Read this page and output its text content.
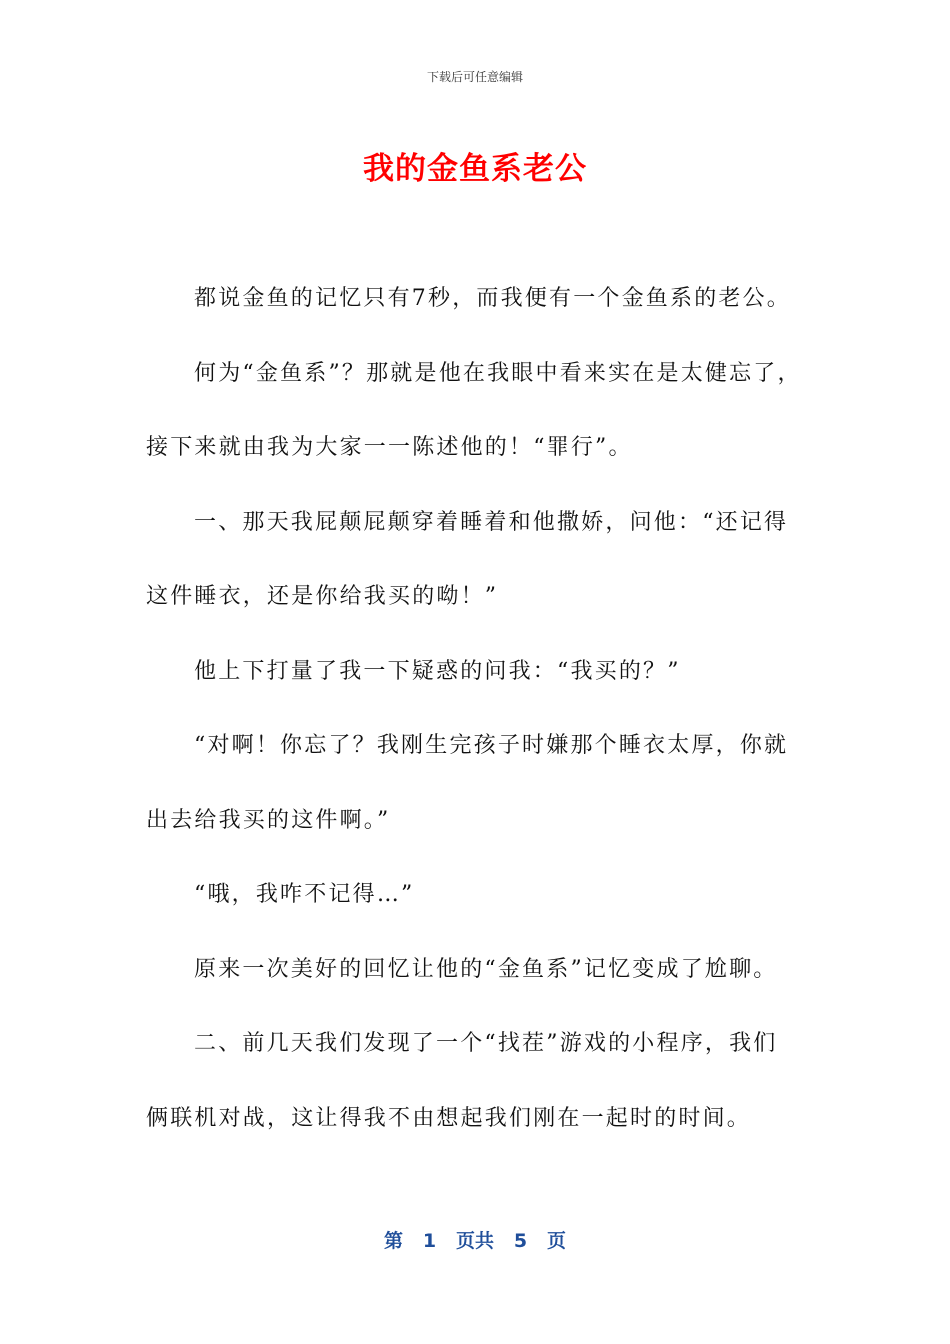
下载后可任意编辑
我的金鱼系老公
都说金鱼的记忆只有7秒，而我便有一个金鱼系的老公。
何为“金鱼系”？那就是他在我眼中看来实在是太健忘了，
接下来就由我为大家一一陈述他的！“罪行”。
一、那天我屁颠屁颠穿着睡着和他撒娇，问他：“还记得
这件睡衣，还是你给我买的呦！”
他上下打量了我一下疑惑的问我：“我买的？”
“对啊！你忘了？我刚生完孩子时嫌那个睡衣太厚，你就
出去给我买的这件啊。”
“哦，我咋不记得…”
原来一次美好的回忆让他的“金鱼系”记忆变成了尬聊。
二、前几天我们发现了一个“找茬”游戏的小程序，我们
俩联机对战，这让得我不由想起我们刚在一起时的时间。
第 1 页共 5 页
